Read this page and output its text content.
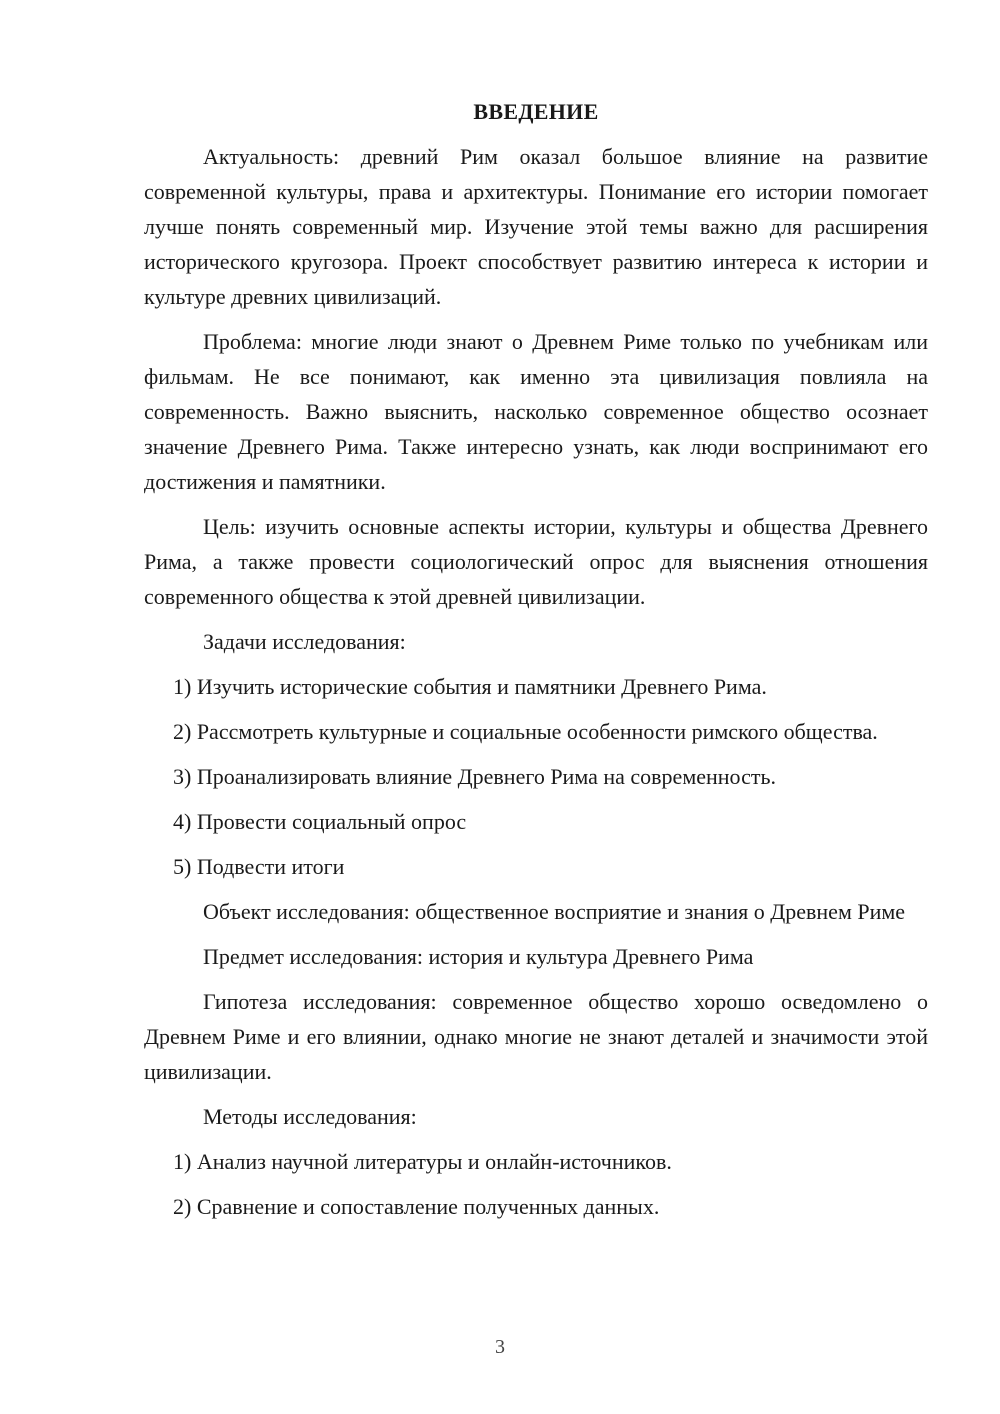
ВВЕДЕНИЕ

Актуальность: древний Рим оказал большое влияние на развитие современной культуры, права и архитектуры. Понимание его истории помогает лучше понять современный мир. Изучение этой темы важно для расширения исторического кругозора. Проект способствует развитию интереса к истории и культуре древних цивилизаций.

Проблема: многие люди знают о Древнем Риме только по учебникам или фильмам. Не все понимают, как именно эта цивилизация повлияла на современность. Важно выяснить, насколько современное общество осознает значение Древнего Рима. Также интересно узнать, как люди воспринимают его достижения и памятники.

Цель: изучить основные аспекты истории, культуры и общества Древнего Рима, а также провести социологический опрос для выяснения отношения современного общества к этой древней цивилизации.

Задачи исследования:

1) Изучить исторические события и памятники Древнего Рима.

2) Рассмотреть культурные и социальные особенности римского общества.

3) Проанализировать влияние Древнего Рима на современность.

4) Провести социальный опрос

5) Подвести итоги

Объект исследования: общественное восприятие и знания о Древнем Риме

Предмет исследования: история и культура Древнего Рима

Гипотеза исследования: современное общество хорошо осведомлено о Древнем Риме и его влиянии, однако многие не знают деталей и значимости этой цивилизации.

Методы исследования:

1) Анализ научной литературы и онлайн-источников.

2) Сравнение и сопоставление полученных данных.

3
